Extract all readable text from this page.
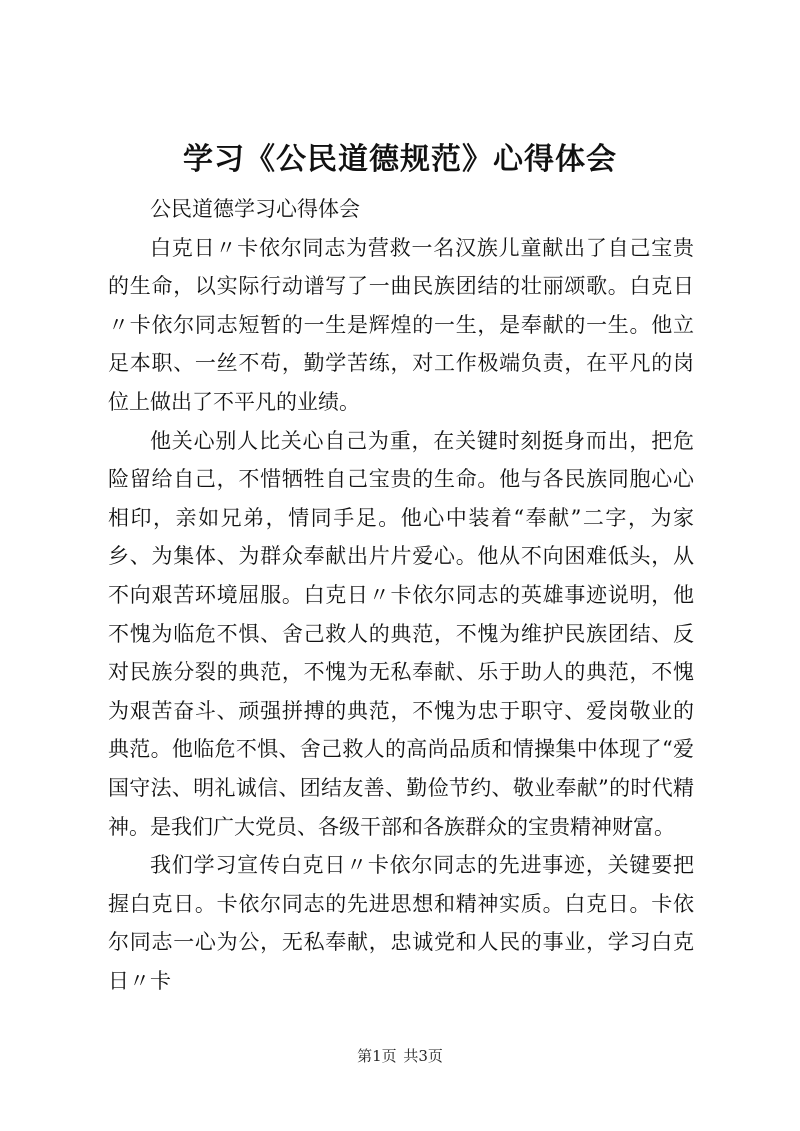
学习《公民道德规范》心得体会

公民道德学习心得体会

白克日〃卡依尔同志为营救一名汉族儿童献出了自己宝贵的生命，以实际行动谱写了一曲民族团结的壮丽颂歌。白克日〃卡依尔同志短暂的一生是辉煌的一生，是奉献的一生。他立足本职、一丝不苟，勤学苦练，对工作极端负责，在平凡的岗位上做出了不平凡的业绩。

他关心别人比关心自己为重，在关键时刻挺身而出，把危险留给自己，不惜牺牲自己宝贵的生命。他与各民族同胞心心相印，亲如兄弟，情同手足。他心中装着“奉献”二字，为家乡、为集体、为群众奉献出片片爱心。他从不向困难低头，从不向艰苦环境屈服。白克日〃卡依尔同志的英雄事迹说明，他不愧为临危不惧、舍己救人的典范，不愧为维护民族团结、反对民族分裂的典范，不愧为无私奉献、乐于助人的典范，不愧为艰苦奋斗、顽强拼搏的典范，不愧为忠于职守、爱岗敬业的典范。他临危不惧、舍己救人的高尚品质和情操集中体现了“爱国守法、明礼诚信、团结友善、勤俭节约、敬业奉献”的时代精神。是我们广大党员、各级干部和各族群众的宝贵精神财富。

我们学习宣传白克日〃卡依尔同志的先进事迹，关键要把握白克日。卡依尔同志的先进思想和精神实质。白克日。卡依尔同志一心为公，无私奉献，忠诚党和人民的事业，学习白克日〃卡

第1页 共3页
